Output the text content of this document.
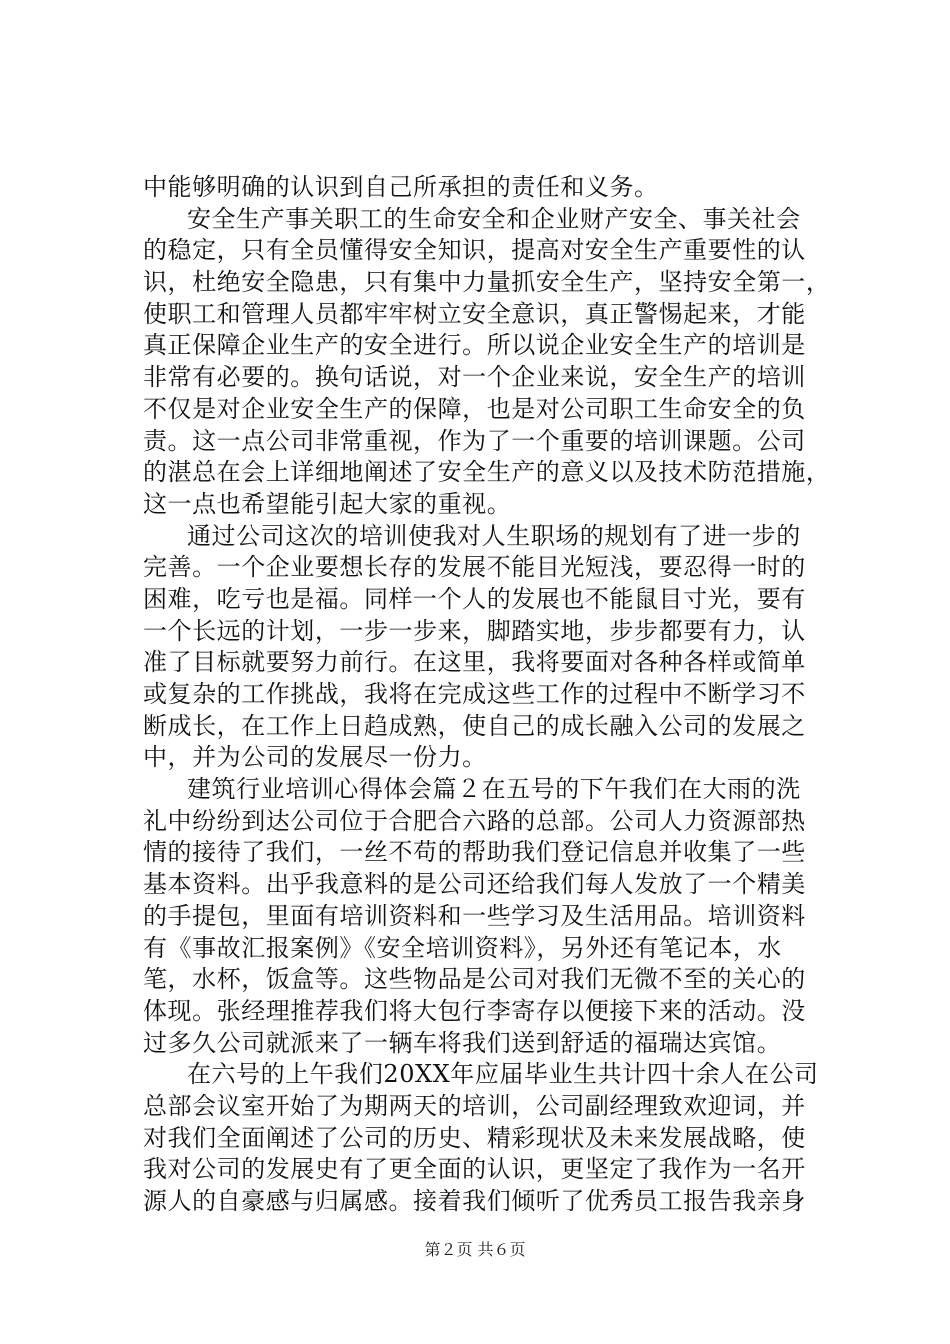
中能够明确的认识到自己所承担的责任和义务。
安全生产事关职工的生命安全和企业财产安全、事关社会
的稳定，只有全员懂得安全知识，提高对安全生产重要性的认
识，杜绝安全隐患，只有集中力量抓安全生产，坚持安全第一，
使职工和管理人员都牢牢树立安全意识，真正警惕起来，才能
真正保障企业生产的安全进行。所以说企业安全生产的培训是
非常有必要的。换句话说，对一个企业来说，安全生产的培训
不仅是对企业安全生产的保障，也是对公司职工生命安全的负
责。这一点公司非常重视，作为了一个重要的培训课题。公司
的湛总在会上详细地阐述了安全生产的意义以及技术防范措施，
这一点也希望能引起大家的重视。
通过公司这次的培训使我对人生职场的规划有了进一步的
完善。一个企业要想长存的发展不能目光短浅，要忍得一时的
困难，吃亏也是福。同样一个人的发展也不能鼠目寸光，要有
一个长远的计划，一步一步来，脚踏实地，步步都要有力，认
准了目标就要努力前行。在这里，我将要面对各种各样或简单
或复杂的工作挑战，我将在完成这些工作的过程中不断学习不
断成长，在工作上日趋成熟，使自己的成长融入公司的发展之
中，并为公司的发展尽一份力。
建筑行业培训心得体会篇２在五号的下午我们在大雨的洗
礼中纷纷到达公司位于合肥合六路的总部。公司人力资源部热
情的接待了我们，一丝不苟的帮助我们登记信息并收集了一些
基本资料。出乎我意料的是公司还给我们每人发放了一个精美
的手提包，里面有培训资料和一些学习及生活用品。培训资料
有《事故汇报案例》《安全培训资料》，另外还有笔记本，水
笔，水杯，饭盒等。这些物品是公司对我们无微不至的关心的
体现。张经理推荐我们将大包行李寄存以便接下来的活动。没
过多久公司就派来了一辆车将我们送到舒适的福瑞达宾馆。
在六号的上午我们20XX年应届毕业生共计四十余人在公司
总部会议室开始了为期两天的培训，公司副经理致欢迎词，并
对我们全面阐述了公司的历史、精彩现状及未来发展战略，使
我对公司的发展史有了更全面的认识，更坚定了我作为一名开
源人的自豪感与归属感。接着我们倾听了优秀员工报告我亲身
第２页 共６页
